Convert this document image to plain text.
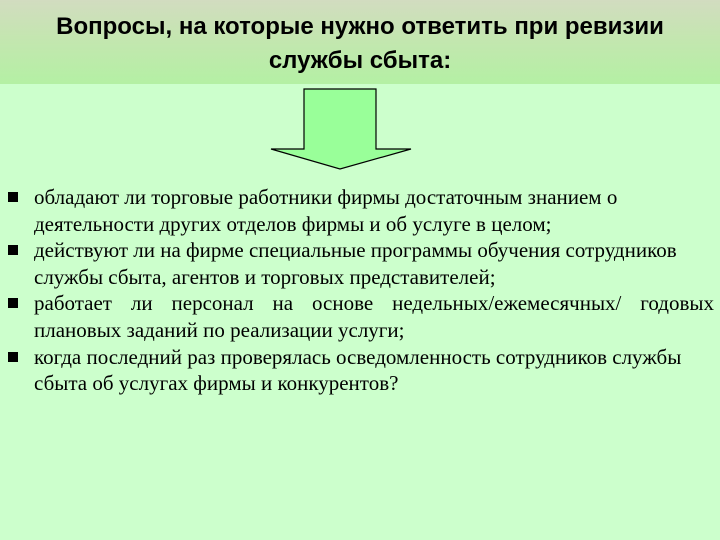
Вопросы, на которые нужно ответить при ревизии
службы сбыта:
обладают ли торговые работники фирмы достаточным знанием о деятельности других отделов фирмы и об услуге в целом;
действуют ли на фирме специальные программы обучения сотрудников службы сбыта, агентов и торговых представителей;
работает ли персонал на основе недельных/ежемесячных/ годовых плановых заданий по реализации услуги;
когда последний раз проверялась осведомленность сотрудников службы сбыта об услугах фирмы и конкурентов?
